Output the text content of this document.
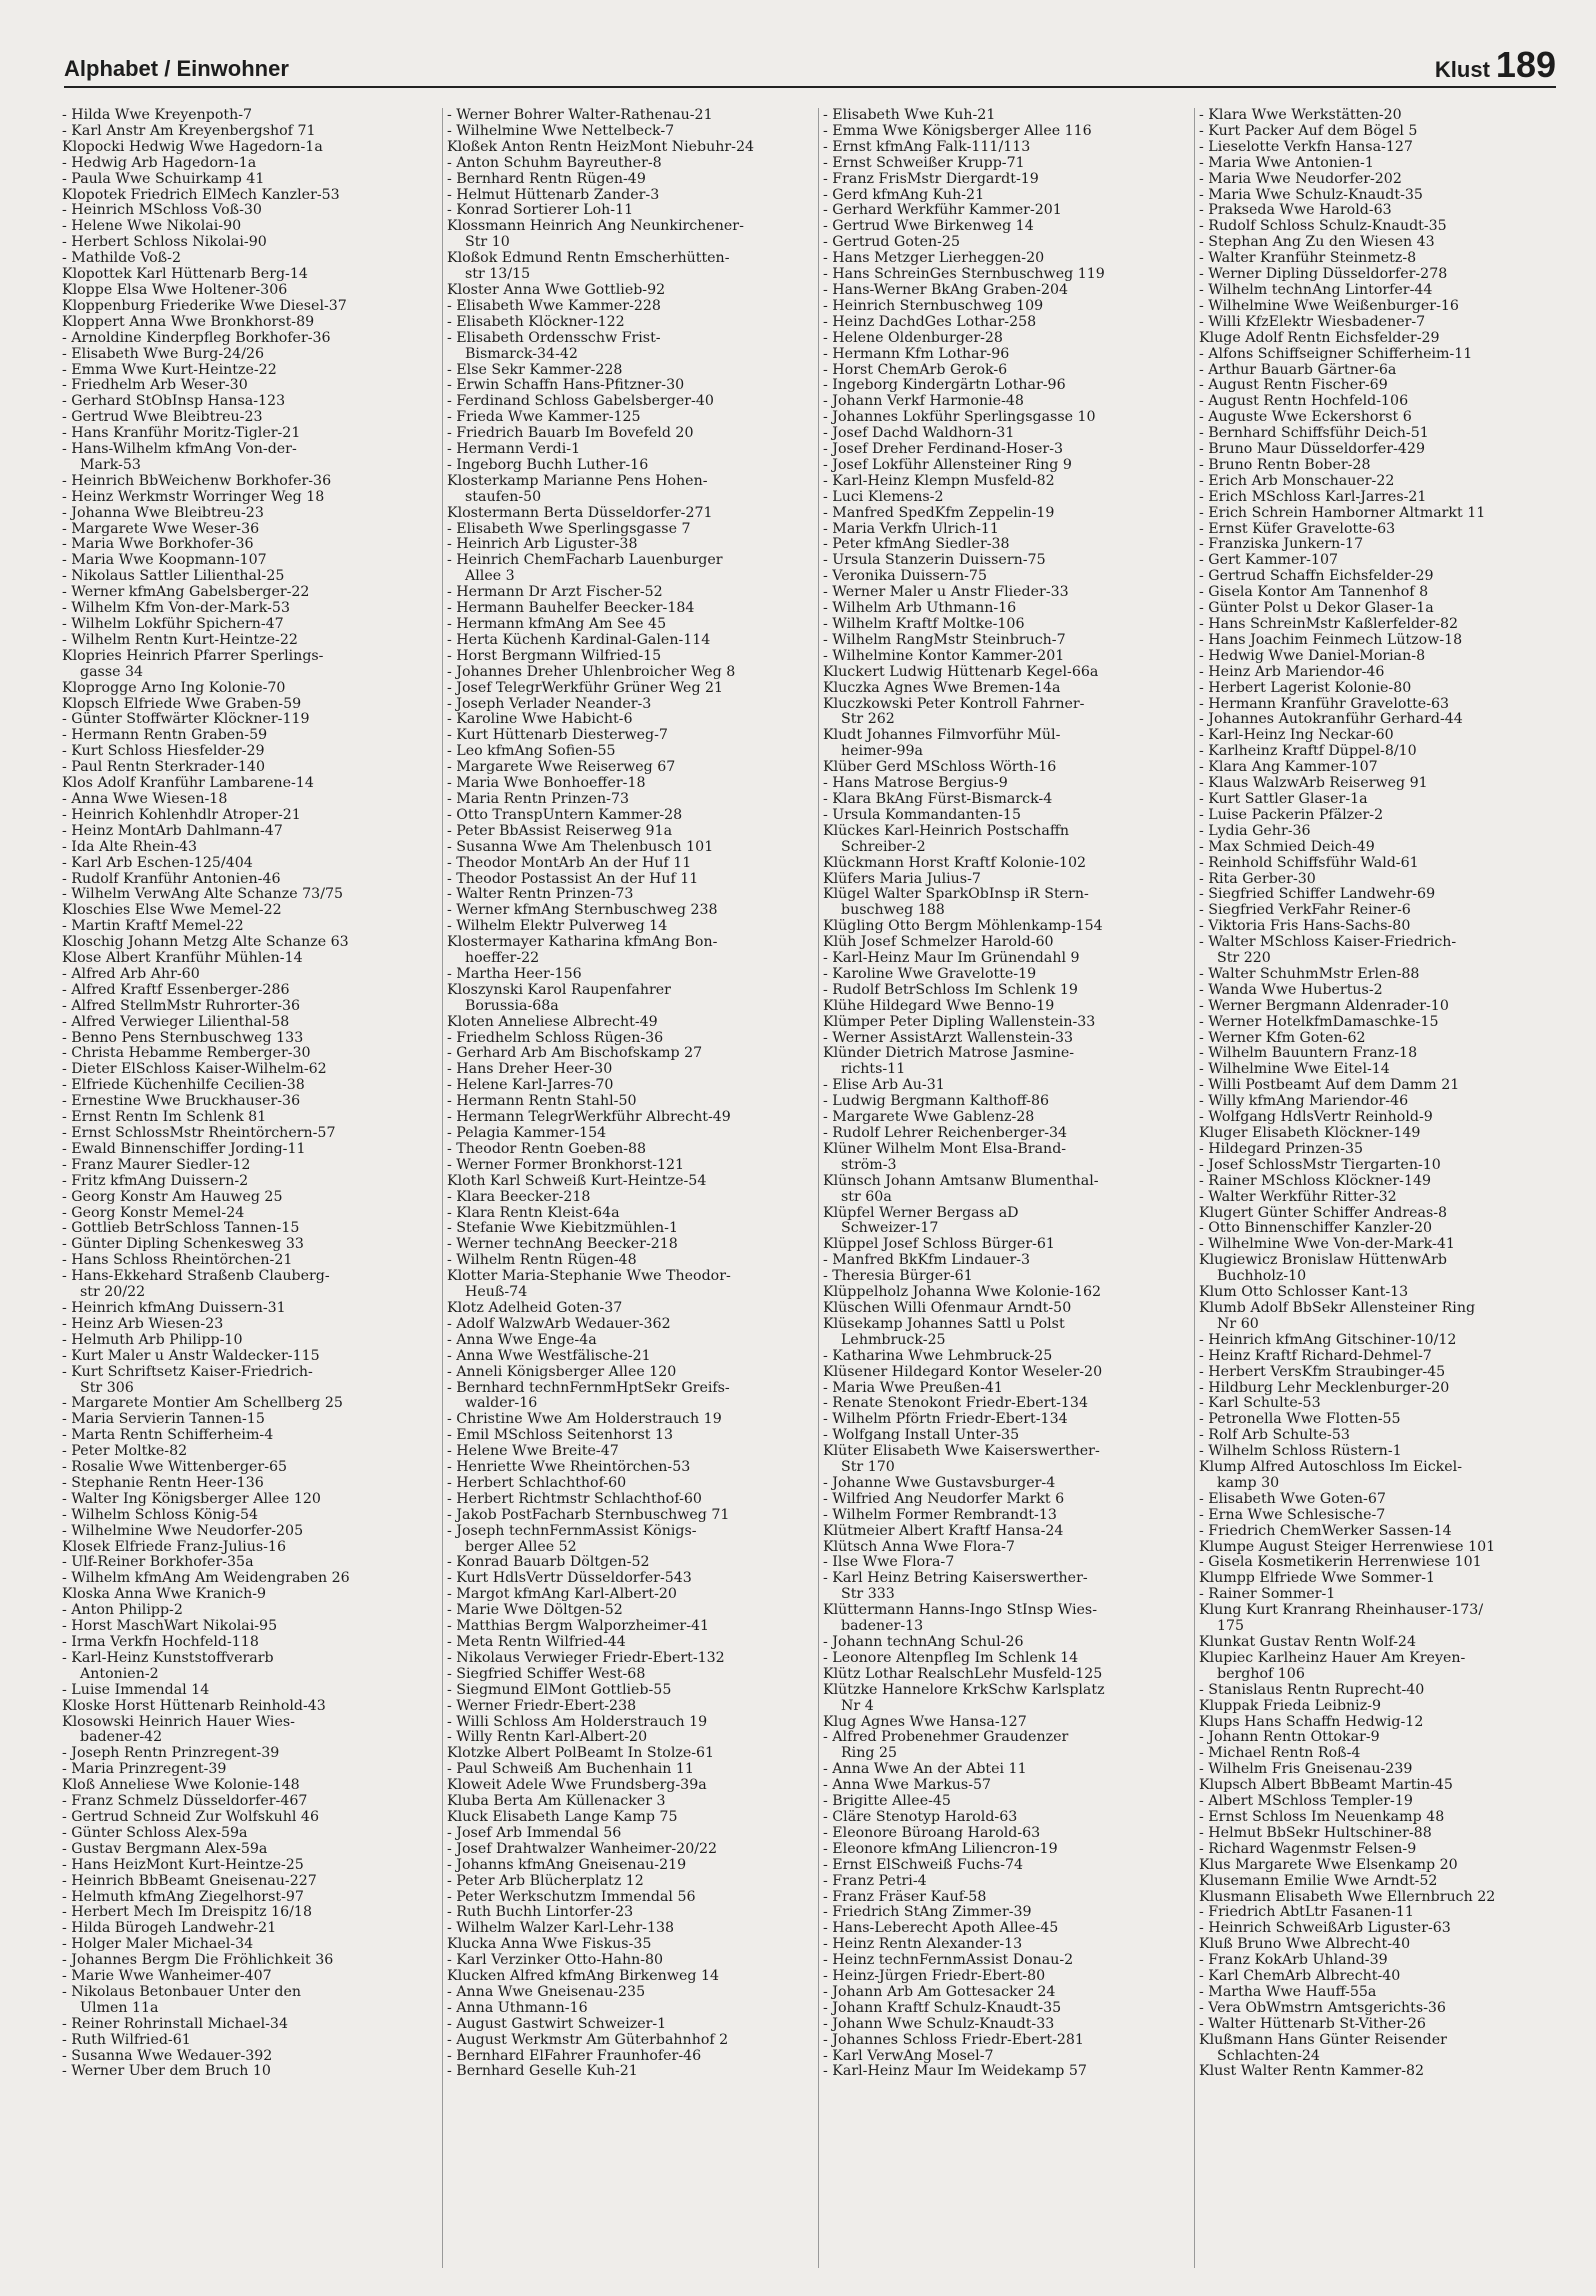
Alphabet / Einwohner	Klust 189
- Hilda Wwe Kreyenpoth-7
- Karl Anstr Am Kreyenbergshof 71
Klopocki Hedwig Wwe Hagedorn-1a
- Hedwig Arb Hagedorn-1a
- Paula Wwe Schuirkamp 41
Klopotek Friedrich ElMech Kanzler-53
- Heinrich MSchloss Voß-30
- Helene Wwe Nikolai-90
- Herbert Schloss Nikolai-90
- Mathilde Voß-2
Klopottek Karl Hüttenarb Berg-14
Kloppe Elsa Wwe Holtener-306
Kloppenburg Friederike Wwe Diesel-37
Kloppert Anna Wwe Bronkhorst-89
- Arnoldine Kinderpfleg Borkhofer-36
- Elisabeth Wwe Burg-24/26
- Emma Wwe Kurt-Heintze-22
- Friedhelm Arb Weser-30
- Gerhard StObInsp Hansa-123
- Gertrud Wwe Bleibtreu-23
- Hans Kranführ Moritz-Tigler-21
- Hans-Wilhelm kfmAng Von-der-
Mark-53
- Heinrich BbWeichenw Borkhofer-36
- Heinz Werkmstr Worringer Weg 18
- Johanna Wwe Bleibtreu-23
- Margarete Wwe Weser-36
- Maria Wwe Borkhofer-36
- Maria Wwe Koopmann-107
- Nikolaus Sattler Lilienthal-25
- Werner kfmAng Gabelsberger-22
- Wilhelm Kfm Von-der-Mark-53
- Wilhelm Lokführ Spichern-47
- Wilhelm Rentn Kurt-Heintze-22
Klopries Heinrich Pfarrer Sperlings-
gasse 34
Kloprogge Arno Ing Kolonie-70
Klopsch Elfriede Wwe Graben-59
- Günter Stoffwärter Klöckner-119
- Hermann Rentn Graben-59
- Kurt Schloss Hiesfelder-29
- Paul Rentn Sterkrader-140
Klos Adolf Kranführ Lambarene-14
- Anna Wwe Wiesen-18
- Heinrich Kohlenhdlr Atroper-21
- Heinz MontArb Dahlmann-47
- Ida Alte Rhein-43
- Karl Arb Eschen-125/404
- Rudolf Kranführ Antonien-46
- Wilhelm VerwAng Alte Schanze 73/75
Kloschies Else Wwe Memel-22
- Martin Kraftf Memel-22
Kloschig Johann Metzg Alte Schanze 63
Klose Albert Kranführ Mühlen-14
- Alfred Arb Ahr-60
- Alfred Kraftf Essenberger-286
- Alfred StellmMstr Ruhrorter-36
- Alfred Verwieger Lilienthal-58
- Benno Pens Sternbuschweg 133
- Christa Hebamme Remberger-30
- Dieter ElSchloss Kaiser-Wilhelm-62
- Elfriede Küchenhilfe Cecilien-38
- Ernestine Wwe Bruckhauser-36
- Ernst Rentn Im Schlenk 81
- Ernst SchlossMstr Rheintörchern-57
- Ewald Binnenschiffer Jording-11
- Franz Maurer Siedler-12
- Fritz kfmAng Duissern-2
- Georg Konstr Am Hauweg 25
- Georg Konstr Memel-24
- Gottlieb BetrSchloss Tannen-15
- Günter Dipling Schenkesweg 33
- Hans Schloss Rheintörchen-21
- Hans-Ekkehard Straßenb Clauberg-
str 20/22
- Heinrich kfmAng Duissern-31
- Heinz Arb Wiesen-23
- Helmuth Arb Philipp-10
- Kurt Maler u Anstr Waldecker-115
- Kurt Schriftsetz Kaiser-Friedrich-
Str 306
- Margarete Montier Am Schellberg 25
- Maria Servierin Tannen-15
- Marta Rentn Schifferheim-4
- Peter Moltke-82
- Rosalie Wwe Wittenberger-65
- Stephanie Rentn Heer-136
- Walter Ing Königsberger Allee 120
- Wilhelm Schloss König-54
- Wilhelmine Wwe Neudorfer-205
Klosek Elfriede Franz-Julius-16
- Ulf-Reiner Borkhofer-35a
- Wilhelm kfmAng Am Weidengraben 26
Kloska Anna Wwe Kranich-9
- Anton Philipp-2
- Horst MaschWart Nikolai-95
- Irma Verkfn Hochfeld-118
- Karl-Heinz Kunststoffverarb
Antonien-2
- Luise Immendal 14
Kloske Horst Hüttenarb Reinhold-43
Klosowski Heinrich Hauer Wies-
badener-42
- Joseph Rentn Prinzregent-39
- Maria Prinzregent-39
Kloß Anneliese Wwe Kolonie-148
- Franz Schmelz Düsseldorfer-467
- Gertrud Schneid Zur Wolfskuhl 46
- Günter Schloss Alex-59a
- Gustav Bergmann Alex-59a
- Hans HeizMont Kurt-Heintze-25
- Heinrich BbBeamt Gneisenau-227
- Helmuth kfmAng Ziegelhorst-97
- Herbert Mech Im Dreispitz 16/18
- Hilda Bürogeh Landwehr-21
- Holger Maler Michael-34
- Johannes Bergm Die Fröhlichkeit 36
- Marie Wwe Wanheimer-407
- Nikolaus Betonbauer Unter den
Ulmen 11a
- Reiner Rohrinstall Michael-34
- Ruth Wilfried-61
- Susanna Wwe Wedauer-392
- Werner Über dem Bruch 10
- Werner Bohrer Walter-Rathenau-21
- Wilhelmine Wwe Nettelbeck-7
Kloßek Anton Rentn HeizMont Niebuhr-24
- Anton Schuhm Bayreuther-8
- Bernhard Rentn Rügen-49
- Helmut Hüttenarb Zander-3
- Konrad Sortierer Loh-11
Klossmann Heinrich Ang Neunkirchener-
Str 10
Kloßok Edmund Rentn Emscherhütten-
str 13/15
Kloster Anna Wwe Gottlieb-92
- Elisabeth Wwe Kammer-228
- Elisabeth Klöckner-122
- Elisabeth Ordensschw Frist-
Bismarck-34-42
- Else Sekr Kammer-228
- Erwin Schaffn Hans-Pfitzner-30
- Ferdinand Schloss Gabelsberger-40
- Frieda Wwe Kammer-125
- Friedrich Bauarb Im Bovefeld 20
- Hermann Verdi-1
- Ingeborg Buchh Luther-16
Klosterkamp Marianne Pens Hohen-
staufen-50
Klostermann Berta Düsseldorfer-271
- Elisabeth Wwe Sperlingsgasse 7
- Heinrich Arb Liguster-38
- Heinrich ChemFacharb Lauenburger
Allee 3
- Hermann Dr Arzt Fischer-52
- Hermann Bauhelfer Beecker-184
- Hermann kfmAng Am See 45
- Herta Küchenh Kardinal-Galen-114
- Horst Bergmann Wilfried-15
- Johannes Dreher Uhlenbroicher Weg 8
- Josef TelegrWerkführ Grüner Weg 21
- Joseph Verlader Neander-3
- Karoline Wwe Habicht-6
- Kurt Hüttenarb Diesterweg-7
- Leo kfmAng Sofien-55
- Margarete Wwe Reiserweg 67
- Maria Wwe Bonhoeffer-18
- Maria Rentn Prinzen-73
- Otto TranspUntern Kammer-28
- Peter BbAssist Reiserweg 91a
- Susanna Wwe Am Thelenbusch 101
- Theodor MontArb An der Huf 11
- Theodor Postassist An der Huf 11
- Walter Rentn Prinzen-73
- Werner kfmAng Sternbuschweg 238
- Wilhelm Elektr Pulverweg 14
Klostermayer Katharina kfmAng Bon-
hoeffer-22
- Martha Heer-156
Kloszynski Karol Raupenfahrer
Borussia-68a
Kloten Anneliese Albrecht-49
- Friedhelm Schloss Rügen-36
- Gerhard Arb Am Bischofskamp 27
- Hans Dreher Heer-30
- Helene Karl-Jarres-70
- Hermann Rentn Stahl-50
- Hermann TelegrWerkführ Albrecht-49
- Pelagia Kammer-154
- Theodor Rentn Goeben-88
- Werner Former Bronkhorst-121
Kloth Karl Schweiß Kurt-Heintze-54
- Klara Beecker-218
- Klara Rentn Kleist-64a
- Stefanie Wwe Kiebitzmühlen-1
- Werner technAng Beecker-218
- Wilhelm Rentn Rügen-48
Klotter Maria-Stephanie Wwe Theodor-
Heuß-74
Klotz Adelheid Goten-37
- Adolf WalzwArb Wedauer-362
- Anna Wwe Enge-4a
- Anna Wwe Westfälische-21
- Anneli Königsberger Allee 120
- Bernhard technFernmHptSekr Greifs-
walder-16
- Christine Wwe Am Holderstrauch 19
- Emil MSchloss Seitenhorst 13
- Helene Wwe Breite-47
- Henriette Wwe Rheintörchen-53
- Herbert Schlachthof-60
- Herbert Richtmstr Schlachthof-60
- Jakob PostFacharb Sternbuschweg 71
- Joseph technFernmAssist Königs-
berger Allee 52
- Konrad Bauarb Döltgen-52
- Kurt HdlsVertr Düsseldorfer-543
- Margot kfmAng Karl-Albert-20
- Marie Wwe Döltgen-52
- Matthias Bergm Walporzheimer-41
- Meta Rentn Wilfried-44
- Nikolaus Verwieger Friedr-Ebert-132
- Siegfried Schiffer West-68
- Siegmund ElMont Gottlieb-55
- Werner Friedr-Ebert-238
- Willi Schloss Am Holderstrauch 19
- Willy Rentn Karl-Albert-20
Klotzke Albert PolBeamt In Stolze-61
- Paul Schweiß Am Buchenhain 11
Kloweit Adele Wwe Frundsberg-39a
Kluba Berta Am Küllenacker 3
Kluck Elisabeth Lange Kamp 75
- Josef Arb Immendal 56
- Josef Drahtwalzer Wanheimer-20/22
- Johanns kfmAng Gneisenau-219
- Peter Arb Blücherplatz 12
- Peter Werkschutzm Immendal 56
- Ruth Buchh Lintorfer-23
- Wilhelm Walzer Karl-Lehr-138
Klucka Anna Wwe Fiskus-35
- Karl Verzinker Otto-Hahn-80
Klucken Alfred kfmAng Birkenweg 14
- Anna Wwe Gneisenau-235
- Anna Uthmann-16
- August Gastwirt Schweizer-1
- August Werkmstr Am Güterbahnhof 2
- Bernhard ElFahrer Fraunhofer-46
- Bernhard Geselle Kuh-21
- Elisabeth Wwe Kuh-21
- Emma Wwe Königsberger Allee 116
- Ernst kfmAng Falk-111/113
- Ernst Schweißer Krupp-71
- Franz FrisMstr Diergardt-19
- Gerd kfmAng Kuh-21
- Gerhard Werkführ Kammer-201
- Gertrud Wwe Birkenweg 14
- Gertrud Goten-25
- Hans Metzger Lierheggen-20
- Hans SchreinGes Sternbuschweg 119
- Hans-Werner BkAng Graben-204
- Heinrich Sternbuschweg 109
- Heinz DachdGes Lothar-258
- Helene Oldenburger-28
- Hermann Kfm Lothar-96
- Horst ChemArb Gerok-6
- Ingeborg Kindergärtn Lothar-96
- Johann Verkf Harmonie-48
- Johannes Lokführ Sperlingsgasse 10
- Josef Dachd Waldhorn-31
- Josef Dreher Ferdinand-Hoser-3
- Josef Lokführ Allensteiner Ring 9
- Karl-Heinz Klempn Musfeld-82
- Luci Klemens-2
- Manfred SpedKfm Zeppelin-19
- Maria Verkfn Ulrich-11
- Peter kfmAng Siedler-38
- Ursula Stanzerin Duissern-75
- Veronika Duissern-75
- Werner Maler u Anstr Flieder-33
- Wilhelm Arb Uthmann-16
- Wilhelm Kraftf Moltke-106
- Wilhelm RangMstr Steinbruch-7
- Wilhelmine Kontor Kammer-201
Kluckert Ludwig Hüttenarb Kegel-66a
Kluczka Agnes Wwe Bremen-14a
Kluczkowski Peter Kontroll Fahrner-
Str 262
Kludt Johannes Filmvorführ Mül-
heimer-99a
Klüber Gerd MSchloss Wörth-16
- Hans Matrose Bergius-9
- Klara BkAng Fürst-Bismarck-4
- Ursula Kommandanten-15
Klückes Karl-Heinrich Postschaffn
Schreiber-2
Klückmann Horst Kraftf Kolonie-102
Klüfers Maria Julius-7
Klügel Walter SparkObInsp iR Stern-
buschweg 188
Klügling Otto Bergm Möhlenkamp-154
Klüh Josef Schmelzer Harold-60
- Karl-Heinz Maur Im Grünendahl 9
- Karoline Wwe Gravelotte-19
- Rudolf BetrSchloss Im Schlenk 19
Klühe Hildegard Wwe Benno-19
Klümper Peter Dipling Wallenstein-33
- Werner AssistArzt Wallenstein-33
Klünder Dietrich Matrose Jasmine-
richts-11
- Elise Arb Au-31
- Ludwig Bergmann Kalthoff-86
- Margarete Wwe Gablenz-28
- Rudolf Lehrer Reichenberger-34
Klüner Wilhelm Mont Elsa-Brand-
ström-3
Klünsch Johann Amtsanw Blumenthal-
str 60a
Klüpfel Werner Bergass aD
Schweizer-17
Klüppel Josef Schloss Bürger-61
- Manfred BkKfm Lindauer-3
- Theresia Bürger-61
Klüppelholz Johanna Wwe Kolonie-162
Klüschen Willi Ofenmaur Arndt-50
Klüsekamp Johannes Sattl u Polst
Lehmbruck-25
- Katharina Wwe Lehmbruck-25
Klüsener Hildegard Kontor Weseler-20
- Maria Wwe Preußen-41
- Renate Stenokont Friedr-Ebert-134
- Wilhelm Pförtn Friedr-Ebert-134
- Wolfgang Install Unter-35
Klüter Elisabeth Wwe Kaiserswerther-
Str 170
- Johanne Wwe Gustavsburger-4
- Wilfried Ang Neudorfer Markt 6
- Wilhelm Former Rembrandt-13
Klütmeier Albert Kraftf Hansa-24
Klütsch Anna Wwe Flora-7
- Ilse Wwe Flora-7
- Karl Heinz Betring Kaiserswerther-
Str 333
Klüttermann Hanns-Ingo StInsp Wies-
badener-13
- Johann technAng Schul-26
- Leonore Altenpfleg Im Schlenk 14
Klütz Lothar RealschLehr Musfeld-125
Klützke Hannelore KrkSchw Karlsplatz
Nr 4
Klug Agnes Wwe Hansa-127
- Alfred Probenehmer Graudenzer
Ring 25
- Anna Wwe An der Abtei 11
- Anna Wwe Markus-57
- Brigitte Allee-45
- Cläre Stenotyp Harold-63
- Eleonore Büroang Harold-63
- Eleonore kfmAng Liliencron-19
- Ernst ElSchweiß Fuchs-74
- Franz Petri-4
- Franz Fräser Kauf-58
- Friedrich StAng Zimmer-39
- Hans-Leberecht Apoth Allee-45
- Heinz Rentn Alexander-13
- Heinz technFernmAssist Donau-2
- Heinz-Jürgen Friedr-Ebert-80
- Johann Arb Am Gottesacker 24
- Johann Kraftf Schulz-Knaudt-35
- Johann Wwe Schulz-Knaudt-33
- Johannes Schloss Friedr-Ebert-281
- Karl VerwAng Mosel-7
- Karl-Heinz Maur Im Weidekamp 57
- Klara Wwe Werkstätten-20
- Kurt Packer Auf dem Bögel 5
- Lieselotte Verkfn Hansa-127
- Maria Wwe Antonien-1
- Maria Wwe Neudorfer-202
- Maria Wwe Schulz-Knaudt-35
- Prakseda Wwe Harold-63
- Rudolf Schloss Schulz-Knaudt-35
- Stephan Ang Zu den Wiesen 43
- Walter Kranführ Steinmetz-8
- Werner Dipling Düsseldorfer-278
- Wilhelm technAng Lintorfer-44
- Wilhelmine Wwe Weißenburger-16
- Willi KfzElektr Wiesbadener-7
Kluge Adolf Rentn Eichsfelder-29
- Alfons Schiffseigner Schifferheim-11
- Arthur Bauarb Gärtner-6a
- August Rentn Fischer-69
- August Rentn Hochfeld-106
- Auguste Wwe Eckershorst 6
- Bernhard Schiffsführ Deich-51
- Bruno Maur Düsseldorfer-429
- Bruno Rentn Bober-28
- Erich Arb Monschauer-22
- Erich MSchloss Karl-Jarres-21
- Erich Schrein Hamborner Altmarkt 11
- Ernst Küfer Gravelotte-63
- Franziska Junkern-17
- Gert Kammer-107
- Gertrud Schaffn Eichsfelder-29
- Gisela Kontor Am Tannenhof 8
- Günter Polst u Dekor Glaser-1a
- Hans SchreinMstr Kaßlerfelder-82
- Hans Joachim Feinmech Lützow-18
- Hedwig Wwe Daniel-Morian-8
- Heinz Arb Mariendor-46
- Herbert Lagerist Kolonie-80
- Hermann Kranführ Gravelotte-63
- Johannes Autokranführ Gerhard-44
- Karl-Heinz Ing Neckar-60
- Karlheinz Kraftf Düppel-8/10
- Klara Ang Kammer-107
- Klaus WalzwArb Reiserweg 91
- Kurt Sattler Glaser-1a
- Luise Packerin Pfälzer-2
- Lydia Gehr-36
- Max Schmied Deich-49
- Reinhold Schiffsführ Wald-61
- Rita Gerber-30
- Siegfried Schiffer Landwehr-69
- Siegfried VerkFahr Reiner-6
- Viktoria Fris Hans-Sachs-80
- Walter MSchloss Kaiser-Friedrich-
Str 220
- Walter SchuhmMstr Erlen-88
- Wanda Wwe Hubertus-2
- Werner Bergmann Aldenrader-10
- Werner HotelkfmDamaschke-15
- Werner Kfm Goten-62
- Wilhelm Bauuntern Franz-18
- Wilhelmine Wwe Eitel-14
- Willi Postbeamt Auf dem Damm 21
- Willy kfmAng Mariendor-46
- Wolfgang HdlsVertr Reinhold-9
Kluger Elisabeth Klöckner-149
- Hildegard Prinzen-35
- Josef SchlossMstr Tiergarten-10
- Rainer MSchloss Klöckner-149
- Walter Werkführ Ritter-32
Klugert Günter Schiffer Andreas-8
- Otto Binnenschiffer Kanzler-20
- Wilhelmine Wwe Von-der-Mark-41
Klugiewicz Bronislaw HüttenwArb
Buchholz-10
Klum Otto Schlosser Kant-13
Klumb Adolf BbSekr Allensteiner Ring
Nr 60
- Heinrich kfmAng Gitschiner-10/12
- Heinz Kraftf Richard-Dehmel-7
- Herbert VersKfm Straubinger-45
- Hildburg Lehr Mecklenburger-20
- Karl Schulte-53
- Petronella Wwe Flotten-55
- Rolf Arb Schulte-53
- Wilhelm Schloss Rüstern-1
Klump Alfred Autoschloss Im Eickel-
kamp 30
- Elisabeth Wwe Goten-67
- Erna Wwe Schlesische-7
- Friedrich ChemWerker Sassen-14
Klumpe August Steiger Herrenwiese 101
- Gisela Kosmetikerin Herrenwiese 101
Klumpp Elfriede Wwe Sommer-1
- Rainer Sommer-1
Klung Kurt Kranrang Rheinhauser-173/
175
Klunkat Gustav Rentn Wolf-24
Klupiec Karlheinz Hauer Am Kreyen-
berghof 106
- Stanislaus Rentn Ruprecht-40
Kluppak Frieda Leibniz-9
Klups Hans Schaffn Hedwig-12
- Johann Rentn Ottokar-9
- Michael Rentn Roß-4
- Wilhelm Fris Gneisenau-239
Klupsch Albert BbBeamt Martin-45
- Albert MSchloss Templer-19
- Ernst Schloss Im Neuenkamp 48
- Helmut BbSekr Hultschiner-88
- Richard Wagenmstr Felsen-9
Klus Margarete Wwe Elsenkamp 20
Klusemann Emilie Wwe Arndt-52
Klusmann Elisabeth Wwe Ellernbruch 22
- Friedrich AbtLtr Fasanen-11
- Heinrich SchweißArb Liguster-63
Kluß Bruno Wwe Albrecht-40
- Franz KokArb Uhland-39
- Karl ChemArb Albrecht-40
- Martha Wwe Hauff-55a
- Vera ObWmstrn Amtsgerichts-36
- Walter Hüttenarb St-Vither-26
Klußmann Hans Günter Reisender
Schlachten-24
Klust Walter Rentn Kammer-82
